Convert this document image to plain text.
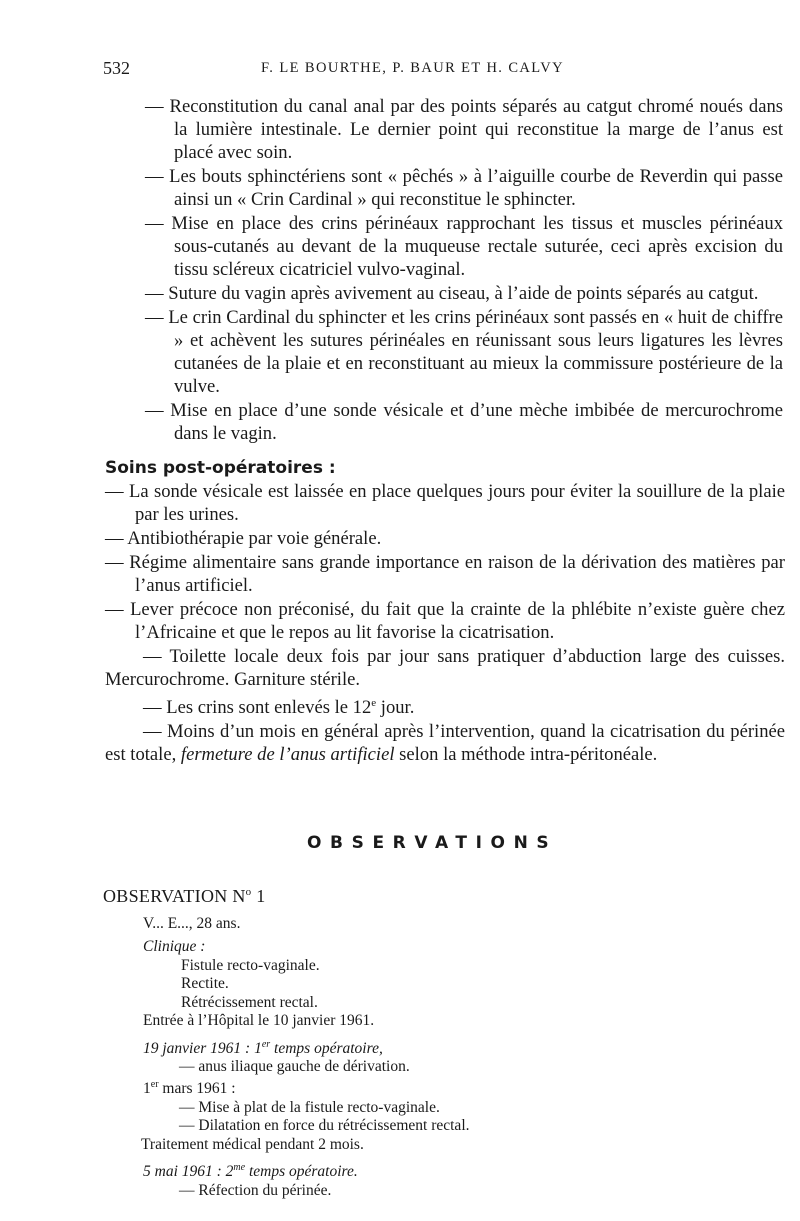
532	F. LE BOURTHE, P. BAUR ET H. CALVY

— Reconstitution du canal anal par des points séparés au catgut chromé noués dans la lumière intestinale. Le dernier point qui reconstitue la marge de l’anus est placé avec soin.

— Les bouts sphinctériens sont « pêchés » à l’aiguille courbe de Reverdin qui passe ainsi un « Crin Cardinal » qui reconstitue le sphincter.

— Mise en place des crins périnéaux rapprochant les tissus et muscles périnéaux sous-cutanés au devant de la muqueuse rectale suturée, ceci après excision du tissu scléreux cicatriciel vulvo-vaginal.

— Suture du vagin après avivement au ciseau, à l’aide de points séparés au catgut.

— Le crin Cardinal du sphincter et les crins périnéaux sont passés en « huit de chiffre » et achèvent les sutures périnéales en réunissant sous leurs ligatures les lèvres cutanées de la plaie et en reconstituant au mieux la commissure postérieure de la vulve.

— Mise en place d’une sonde vésicale et d’une mèche imbibée de mercurochrome dans le vagin.

Soins post-opératoires :

— La sonde vésicale est laissée en place quelques jours pour éviter la souillure de la plaie par les urines.

— Antibiothérapie par voie générale.

— Régime alimentaire sans grande importance en raison de la dérivation des matières par l’anus artificiel.

— Lever précoce non préconisé, du fait que la crainte de la phlébite n’existe guère chez l’Africaine et que le repos au lit favorise la cicatrisation.

— Toilette locale deux fois par jour sans pratiquer d’abduction large des cuisses. Mercurochrome. Garniture stérile.

— Les crins sont enlevés le 12e jour.

— Moins d’un mois en général après l’intervention, quand la cicatrisation du périnée est totale, fermeture de l’anus artificiel selon la méthode intra-péritonéale.

OBSERVATIONS
OBSERVATION $N^o$ 1

V... E..., 28 ans.

Clinique :

Fistule recto-vaginale.

Rectite.

Rétrécissement rectal.

Entrée à l’Hôpital le 10 janvier 1961.

19 janvier 1961 : 1er temps opératoire,

— anus iliaque gauche de dérivation.

1er mars 1961 :

— Mise à plat de la fistule recto-vaginale.

— Dilatation en force du rétrécissement rectal.

Traitement médical pendant 2 mois.

5 mai 1961 : $2^{me}$ temps opératoire.

— Réfection du périnée.
